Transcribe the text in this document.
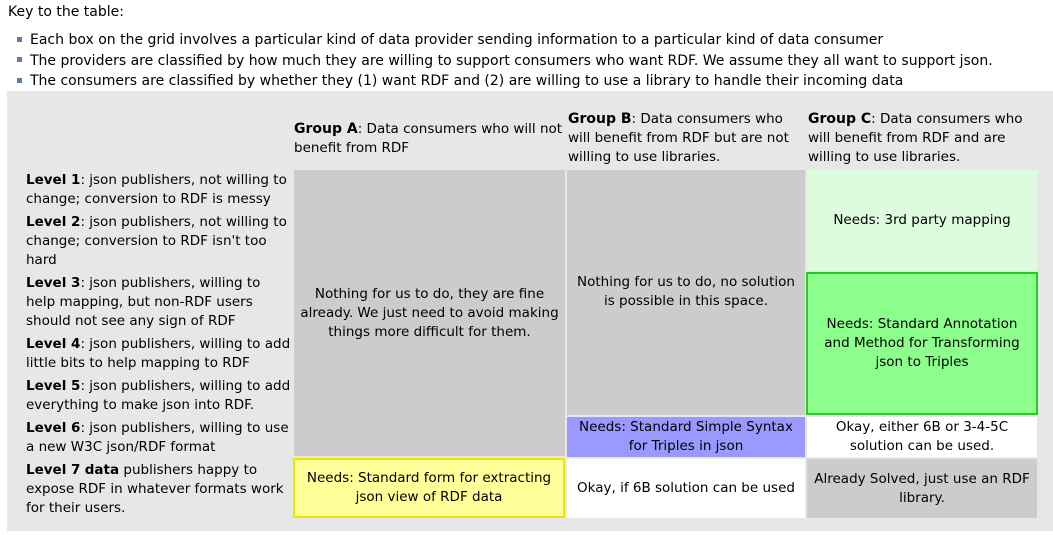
Key to the table:
Each box on the grid involves a particular kind of data provider sending information to a particular kind of data consumer
The providers are classified by how much they are willing to support consumers who want RDF. We assume they all want to support json.
The consumers are classified by whether they (1) want RDF and (2) are willing to use a library to handle their incoming data
Group A: Data consumers who will not benefit from RDF
Group B: Data consumers who will benefit from RDF but are not willing to use libraries.
Group C: Data consumers who will benefit from RDF and are willing to use libraries.
Level 1: json publishers, not willing to change; conversion to RDF is messy
Level 2: json publishers, not willing to change; conversion to RDF isn't too hard
Level 3: json publishers, willing to help mapping, but non-RDF users should not see any sign of RDF
Level 4: json publishers, willing to add little bits to help mapping to RDF
Level 5: json publishers, willing to add everything to make json into RDF.
Level 6: json publishers, willing to use a new W3C json/RDF format
Level 7 data publishers happy to expose RDF in whatever formats work for their users.
Nothing for us to do, they are fine already. We just need to avoid making things more difficult for them.
Needs: Standard form for extracting json view of RDF data
Nothing for us to do, no solution is possible in this space.
Needs: Standard Simple Syntax for Triples in json
Okay, if 6B solution can be used
Needs: 3rd party mapping
Needs: Standard Annotation and Method for Transforming json to Triples
Okay, either 6B or 3-4-5C solution can be used.
Already Solved, just use an RDF library.
